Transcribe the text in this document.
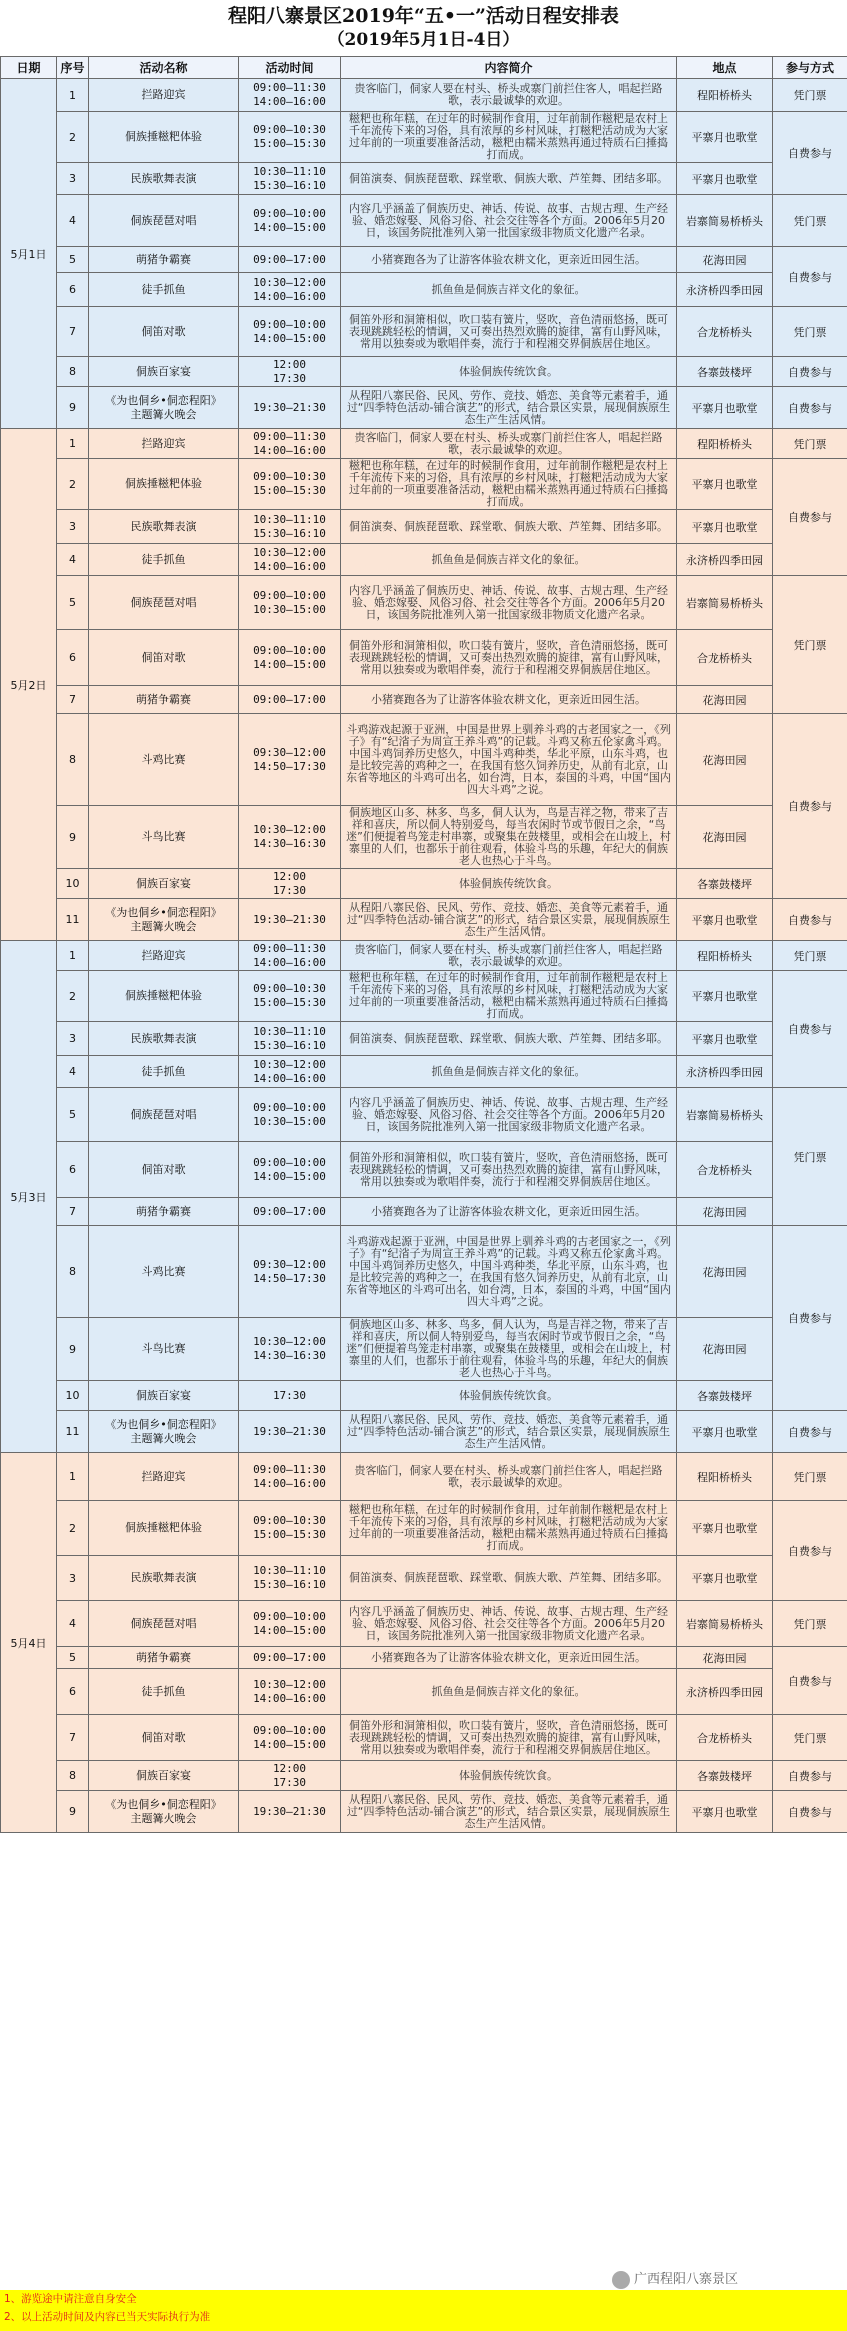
程阳八寨景区2019年“五•一”活动日程安排表
（2019年5月1日-4日）
日期	序号	活动名称	活动时间	内容简介	地点	参与方式
5月1日	1	拦路迎宾	09:00—11:30
14:00—16:00	贵客临门，侗家人要在村头、桥头或寨门前拦住客人，唱起拦路歌，表示最诚挚的欢迎。	程阳桥桥头	凭门票
	2	侗族捶糍粑体验	09:00—10:30
15:00—15:30	糍粑也称年糕，在过年的时候制作食用，过年前制作糍粑是农村上千年流传下来的习俗，具有浓厚的乡村风味，打糍粑活动成为大家过年前的一项重要准备活动，糍粑由糯米蒸熟再通过特质石臼捶捣打而成。	平寨月也歌堂	自费参与
	3	民族歌舞表演	10:30—11:10
15:30—16:10	侗笛演奏、侗族琵琶歌、踩堂歌、侗族大歌、芦笙舞、团结多耶。	平寨月也歌堂	
	4	侗族琵琶对唱	09:00—10:00
14:00—15:00	内容几乎涵盖了侗族历史、神话、传说、故事、古规古理、生产经验、婚恋嫁娶、风俗习俗、社会交往等各个方面。2006年5月20日，该国务院批准列入第一批国家级非物质文化遗产名录。	岩寨简易桥桥头	凭门票
	5	萌猪争霸赛	09:00—17:00	小猪赛跑各为了让游客体验农耕文化，更亲近田园生活。	花海田园	自费参与
	6	徒手抓鱼	10:30—12:00
14:00—16:00	抓鱼鱼是侗族吉祥文化的象征。	永济桥四季田园	
	7	侗笛对歌	09:00—10:00
14:00—15:00	侗笛外形和洞箫相似，吹口装有簧片，竖吹，音色清丽悠扬，既可表现跳跳轻松的情调，又可奏出热烈欢腾的旋律，富有山野风味，常用以独奏或为歌唱伴奏，流行于和程湘交界侗族居住地区。	合龙桥桥头	凭门票
	8	侗族百家宴	12:00
17:30	体验侗族传统饮食。	各寨鼓楼坪	自费参与
	9	《为也侗乡•侗恋程阳》
主题篝火晚会	19:30—21:30	从程阳八寨民俗、民风、劳作、竞技、婚恋、美食等元素着手，通过“四季特色活动-铺合演艺”的形式，结合景区实景，展现侗族原生态生产生活风情。	平寨月也歌堂	自费参与
5月2日	1	拦路迎宾	09:00—11:30
14:00—16:00	贵客临门，侗家人要在村头、桥头或寨门前拦住客人，唱起拦路歌，表示最诚挚的欢迎。	程阳桥桥头	凭门票
	2	侗族捶糍粑体验	09:00—10:30
15:00—15:30	糍粑也称年糕，在过年的时候制作食用，过年前制作糍粑是农村上千年流传下来的习俗，具有浓厚的乡村风味，打糍粑活动成为大家过年前的一项重要准备活动，糍粑由糯米蒸熟再通过特质石臼捶捣打而成。	平寨月也歌堂	自费参与
	3	民族歌舞表演	10:30—11:10
15:30—16:10	侗笛演奏、侗族琵琶歌、踩堂歌、侗族大歌、芦笙舞、团结多耶。	平寨月也歌堂	
	4	徒手抓鱼	10:30—12:00
14:00—16:00	抓鱼鱼是侗族吉祥文化的象征。	永济桥四季田园	
	5	侗族琵琶对唱	09:00—10:00
10:30—15:00	内容几乎涵盖了侗族历史、神话、传说、故事、古规古理、生产经验、婚恋嫁娶、风俗习俗、社会交往等各个方面。2006年5月20日，该国务院批准列入第一批国家级非物质文化遗产名录。	岩寨简易桥桥头	凭门票
	6	侗笛对歌	09:00—10:00
14:00—15:00	侗笛外形和洞箫相似，吹口装有簧片，竖吹，音色清丽悠扬，既可表现跳跳轻松的情调，又可奏出热烈欢腾的旋律，富有山野风味，常用以独奏或为歌唱伴奏，流行于和程湘交界侗族居住地区。	合龙桥桥头	
	7	萌猪争霸赛	09:00—17:00	小猪赛跑各为了让游客体验农耕文化，更亲近田园生活。	花海田园	
	8	斗鸡比赛	09:30—12:00
14:50—17:30	斗鸡游戏起源于亚洲，中国是世界上驯养斗鸡的古老国家之一，《列子》有“纪渻子为周宣王养斗鸡”的记载。斗鸡又称五伦家禽斗鸡。中国斗鸡饲养历史悠久，中国斗鸡种类，华北平原，山东斗鸡，也是比较完善的鸡种之一，在我国有悠久饲养历史，从前有北京，山东省等地区的斗鸡可出名，如台湾，日本，泰国的斗鸡，中国“国内四大斗鸡”之说。	花海田园	自费参与
	9	斗鸟比赛	10:30—12:00
14:30—16:30	侗族地区山多、林多、鸟多，侗人认为，鸟是吉祥之物，带来了吉祥和喜庆，所以侗人特别爱鸟，每当农闲时节或节假日之余，“鸟迷”们便提着鸟笼走村串寨，或聚集在鼓楼里，或相会在山坡上，村寨里的人们，也都乐于前往观看，体验斗鸟的乐趣，年纪大的侗族老人也热心于斗鸟。	花海田园	
	10	侗族百家宴	12:00
17:30	体验侗族传统饮食。	各寨鼓楼坪	
	11	《为也侗乡•侗恋程阳》
主题篝火晚会	19:30—21:30	从程阳八寨民俗、民风、劳作、竞技、婚恋、美食等元素着手，通过“四季特色活动-铺合演艺”的形式，结合景区实景，展现侗族原生态生产生活风情。	平寨月也歌堂	自费参与
5月3日	1	拦路迎宾	09:00—11:30
14:00—16:00	贵客临门，侗家人要在村头、桥头或寨门前拦住客人，唱起拦路歌，表示最诚挚的欢迎。	程阳桥桥头	凭门票
	2	侗族捶糍粑体验	09:00—10:30
15:00—15:30	糍粑也称年糕，在过年的时候制作食用，过年前制作糍粑是农村上千年流传下来的习俗，具有浓厚的乡村风味，打糍粑活动成为大家过年前的一项重要准备活动，糍粑由糯米蒸熟再通过特质石臼捶捣打而成。	平寨月也歌堂	自费参与
	3	民族歌舞表演	10:30—11:10
15:30—16:10	侗笛演奏、侗族琵琶歌、踩堂歌、侗族大歌、芦笙舞、团结多耶。	平寨月也歌堂	
	4	徒手抓鱼	10:30—12:00
14:00—16:00	抓鱼鱼是侗族吉祥文化的象征。	永济桥四季田园	
	5	侗族琵琶对唱	09:00—10:00
10:30—15:00	内容几乎涵盖了侗族历史、神话、传说、故事、古规古理、生产经验、婚恋嫁娶、风俗习俗、社会交往等各个方面。2006年5月20日，该国务院批准列入第一批国家级非物质文化遗产名录。	岩寨简易桥桥头	凭门票
	6	侗笛对歌	09:00—10:00
14:00—15:00	侗笛外形和洞箫相似，吹口装有簧片，竖吹，音色清丽悠扬，既可表现跳跳轻松的情调，又可奏出热烈欢腾的旋律，富有山野风味，常用以独奏或为歌唱伴奏，流行于和程湘交界侗族居住地区。	合龙桥桥头	
	7	萌猪争霸赛	09:00—17:00	小猪赛跑各为了让游客体验农耕文化，更亲近田园生活。	花海田园	
	8	斗鸡比赛	09:30—12:00
14:50—17:30	斗鸡游戏起源于亚洲，中国是世界上驯养斗鸡的古老国家之一，《列子》有“纪渻子为周宣王养斗鸡”的记载。斗鸡又称五伦家禽斗鸡。中国斗鸡饲养历史悠久，中国斗鸡种类，华北平原，山东斗鸡，也是比较完善的鸡种之一，在我国有悠久饲养历史，从前有北京，山东省等地区的斗鸡可出名，如台湾，日本，泰国的斗鸡，中国“国内四大斗鸡”之说。	花海田园	自费参与
	9	斗鸟比赛	10:30—12:00
14:30—16:30	侗族地区山多、林多、鸟多，侗人认为，鸟是吉祥之物，带来了吉祥和喜庆，所以侗人特别爱鸟，每当农闲时节或节假日之余，“鸟迷”们便提着鸟笼走村串寨，或聚集在鼓楼里，或相会在山坡上，村寨里的人们，也都乐于前往观看，体验斗鸟的乐趣，年纪大的侗族老人也热心于斗鸟。	花海田园	
	10	侗族百家宴	17:30	体验侗族传统饮食。	各寨鼓楼坪	
	11	《为也侗乡•侗恋程阳》
主题篝火晚会	19:30—21:30	从程阳八寨民俗、民风、劳作、竞技、婚恋、美食等元素着手，通过“四季特色活动-铺合演艺”的形式，结合景区实景，展现侗族原生态生产生活风情。	平寨月也歌堂	自费参与
5月4日	1	拦路迎宾	09:00—11:30
14:00—16:00	贵客临门，侗家人要在村头、桥头或寨门前拦住客人，唱起拦路歌，表示最诚挚的欢迎。	程阳桥桥头	凭门票
	2	侗族捶糍粑体验	09:00—10:30
15:00—15:30	糍粑也称年糕，在过年的时候制作食用，过年前制作糍粑是农村上千年流传下来的习俗，具有浓厚的乡村风味，打糍粑活动成为大家过年前的一项重要准备活动，糍粑由糯米蒸熟再通过特质石臼捶捣打而成。	平寨月也歌堂	自费参与
	3	民族歌舞表演	10:30—11:10
15:30—16:10	侗笛演奏、侗族琵琶歌、踩堂歌、侗族大歌、芦笙舞、团结多耶。	平寨月也歌堂	
	4	侗族琵琶对唱	09:00—10:00
14:00—15:00	内容几乎涵盖了侗族历史、神话、传说、故事、古规古理、生产经验、婚恋嫁娶、风俗习俗、社会交往等各个方面。2006年5月20日，该国务院批准列入第一批国家级非物质文化遗产名录。	岩寨简易桥桥头	凭门票
	5	萌猪争霸赛	09:00—17:00	小猪赛跑各为了让游客体验农耕文化，更亲近田园生活。	花海田园	自费参与
	6	徒手抓鱼	10:30—12:00
14:00—16:00	抓鱼鱼是侗族吉祥文化的象征。	永济桥四季田园	
	7	侗笛对歌	09:00—10:00
14:00—15:00	侗笛外形和洞箫相似，吹口装有簧片，竖吹，音色清丽悠扬，既可表现跳跳轻松的情调，又可奏出热烈欢腾的旋律，富有山野风味，常用以独奏或为歌唱伴奏，流行于和程湘交界侗族居住地区。	合龙桥桥头	凭门票
	8	侗族百家宴	12:00
17:30	体验侗族传统饮食。	各寨鼓楼坪	自费参与
	9	《为也侗乡•侗恋程阳》
主题篝火晚会	19:30—21:30	从程阳八寨民俗、民风、劳作、竞技、婚恋、美食等元素着手，通过“四季特色活动-铺合演艺”的形式，结合景区实景，展现侗族原生态生产生活风情。	平寨月也歌堂	自费参与
广西程阳八寨景区
1、游览途中请注意自身安全
2、以上活动时间及内容已当天实际执行为准
